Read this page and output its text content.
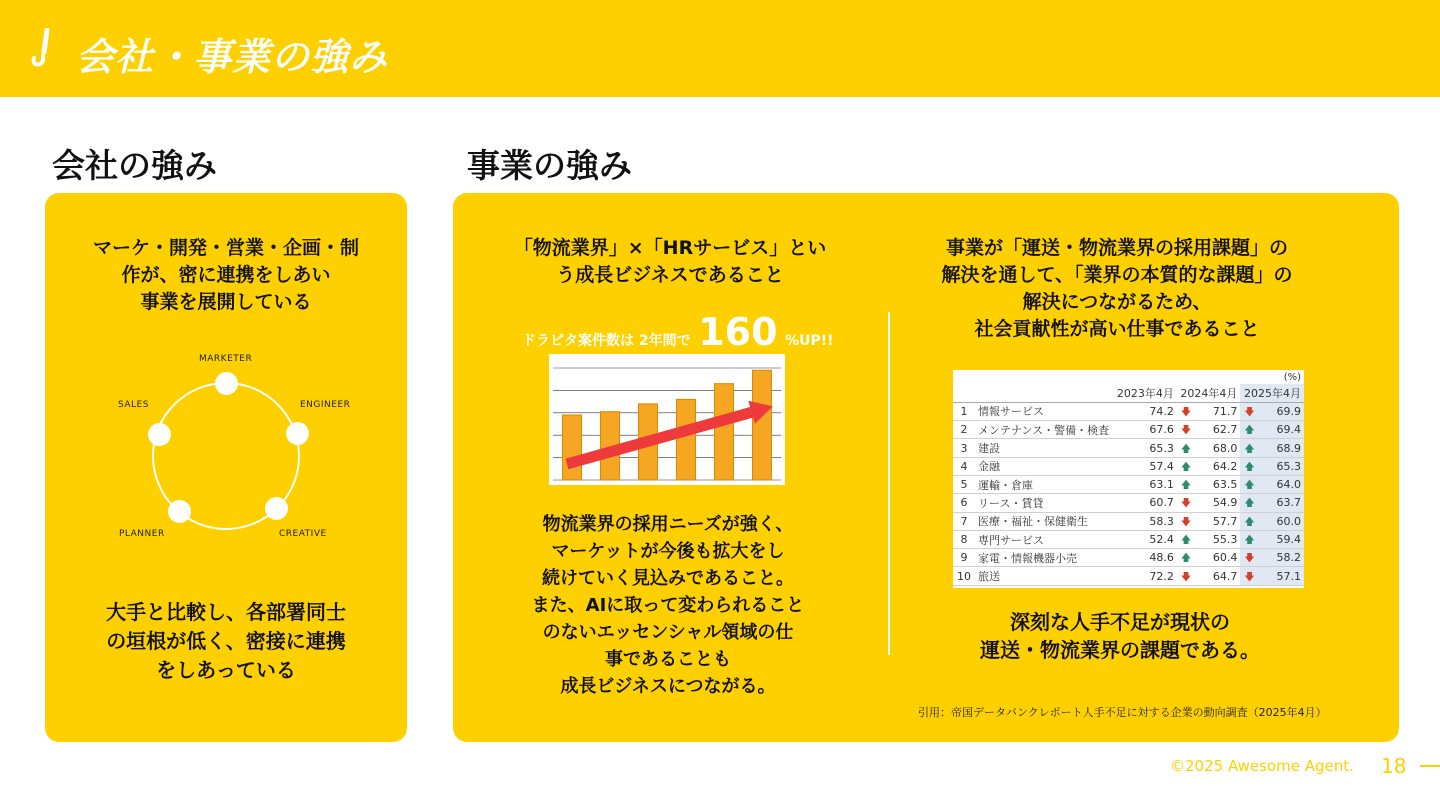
会社・事業の強み
会社の強み	事業の強み
マーケ・開発・営業・企画・制
作が、密に連携をしあい
事業を展開している
MARKETER
ENGINEER
CREATIVE
PLANNER
SALES
大手と比較し、各部署同士
の垣根が低く、密接に連携
をしあっている
「物流業界」×「HRサービス」とい
う成長ビジネスであること
ドラピタ案件数は 2年間で 160 %UP!!
物流業界の採用ニーズが強く、
マーケットが今後も拡大をし
続けていく見込みであること。
また、AIに取って変わられること
のないエッセンシャル領域の仕
事であることも
成長ビジネスにつながる。
事業が「運送・物流業界の採用課題」の
解決を通して、「業界の本質的な課題」の
解決につながるため、
社会貢献性が高い仕事であること
(%)				
		2023年4月	2024年4月	2025年4月
1	情報サービス	74.2	🡇 71.7	🡇 69.9
2	メンテナンス・警備・検査	67.6	🡇 62.7	🡅 69.4
3	建設	65.3	🡅 68.0	🡅 68.9
4	金融	57.4	🡅 64.2	🡅 65.3
5	運輸・倉庫	63.1	🡅 63.5	🡅 64.0
6	リース・賃貸	60.7	🡇 54.9	🡅 63.7
7	医療・福祉・保健衛生	58.3	🡇 57.7	🡅 60.0
8	専門サービス	52.4	🡅 55.3	🡅 59.4
9	家電・情報機器小売	48.6	🡅 60.4	🡇 58.2
10	旅送	72.2	🡇 64.7	🡇 57.1
深刻な人手不足が現状の
運送・物流業界の課題である。
引用：帝国データバンクレポート人手不足に対する企業の動向調査（2025年4月）
©2025 Awesome Agent. 18
